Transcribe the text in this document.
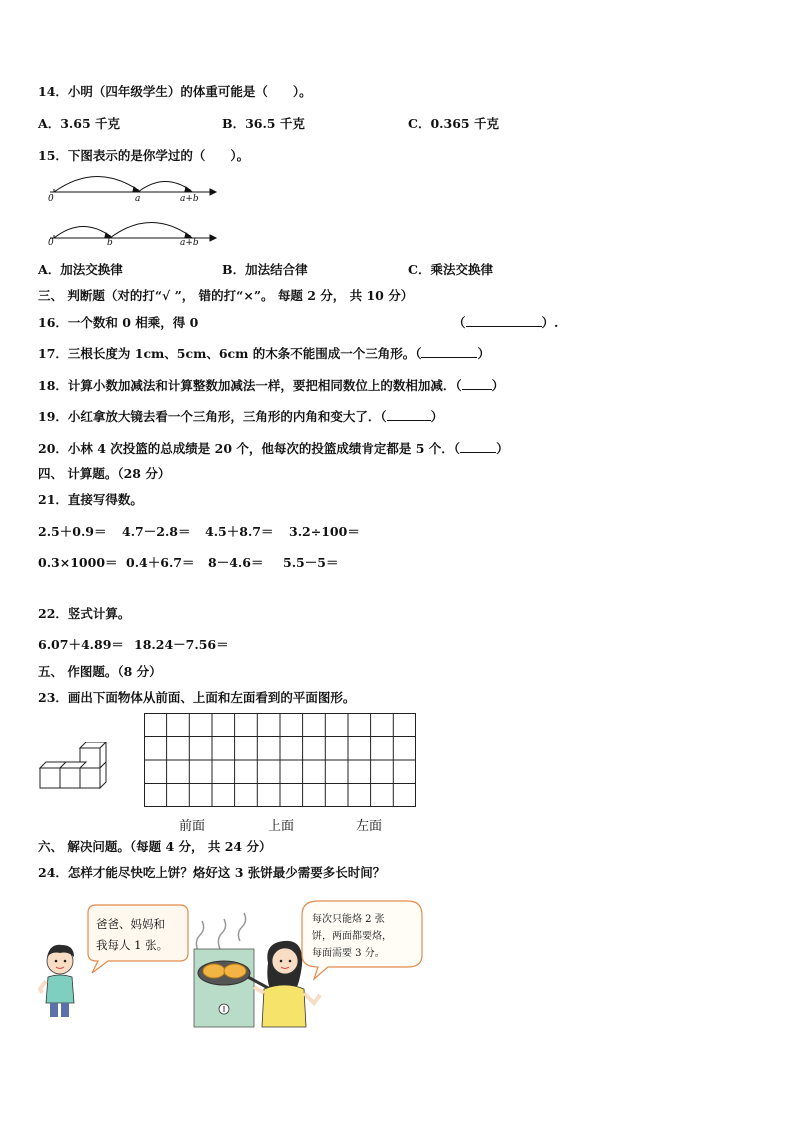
14．小明（四年级学生）的体重可能是（　　）。
A．3.65 千克	B．36.5 千克	C．0.365 千克
15．下图表示的是你学过的（　　）。
0	a	a+b
0	b	a+b
A．加法交换律	B．加法结合律	C．乘法交换律
三、 判断题（对的打“√ ”， 错的打“×”。 每题 2 分， 共 10 分）
16．一个数和 0 相乘，得 0	（	）.
17．三根长度为 1cm、5cm、6cm 的木条不能围成一个三角形。（	）
18．计算小数加减法和计算整数加减法一样，要把相同数位上的数相加减．（ ）
19．小红拿放大镜去看一个三角形，三角形的内角和变大了．（	）
20．小林 4 次投篮的总成绩是 20 个，他每次的投篮成绩肯定都是 5 个．（	）
四、 计算题。（28 分）
21．直接写得数。
2.5＋0.9＝ 4.7－2.8＝ 4.5＋8.7＝ 3.2÷100＝
0.3×1000＝ 0.4＋6.7＝ 8－4.6＝ 5.5－5＝
22．竖式计算。
6.07＋4.89＝ 18.24－7.56＝
五、 作图题。（8 分）
23．画出下面物体从前面、上面和左面看到的平面图形。
前面	上面	左面
六、 解决问题。（每题 4 分， 共 24 分）
24．怎样才能尽快吃上饼？烙好这 3 张饼最少需要多长时间？
爸爸、妈妈和
我每人 1 张。
每次只能烙 2 张
饼，两面都要烙，
每面需要 3 分。
